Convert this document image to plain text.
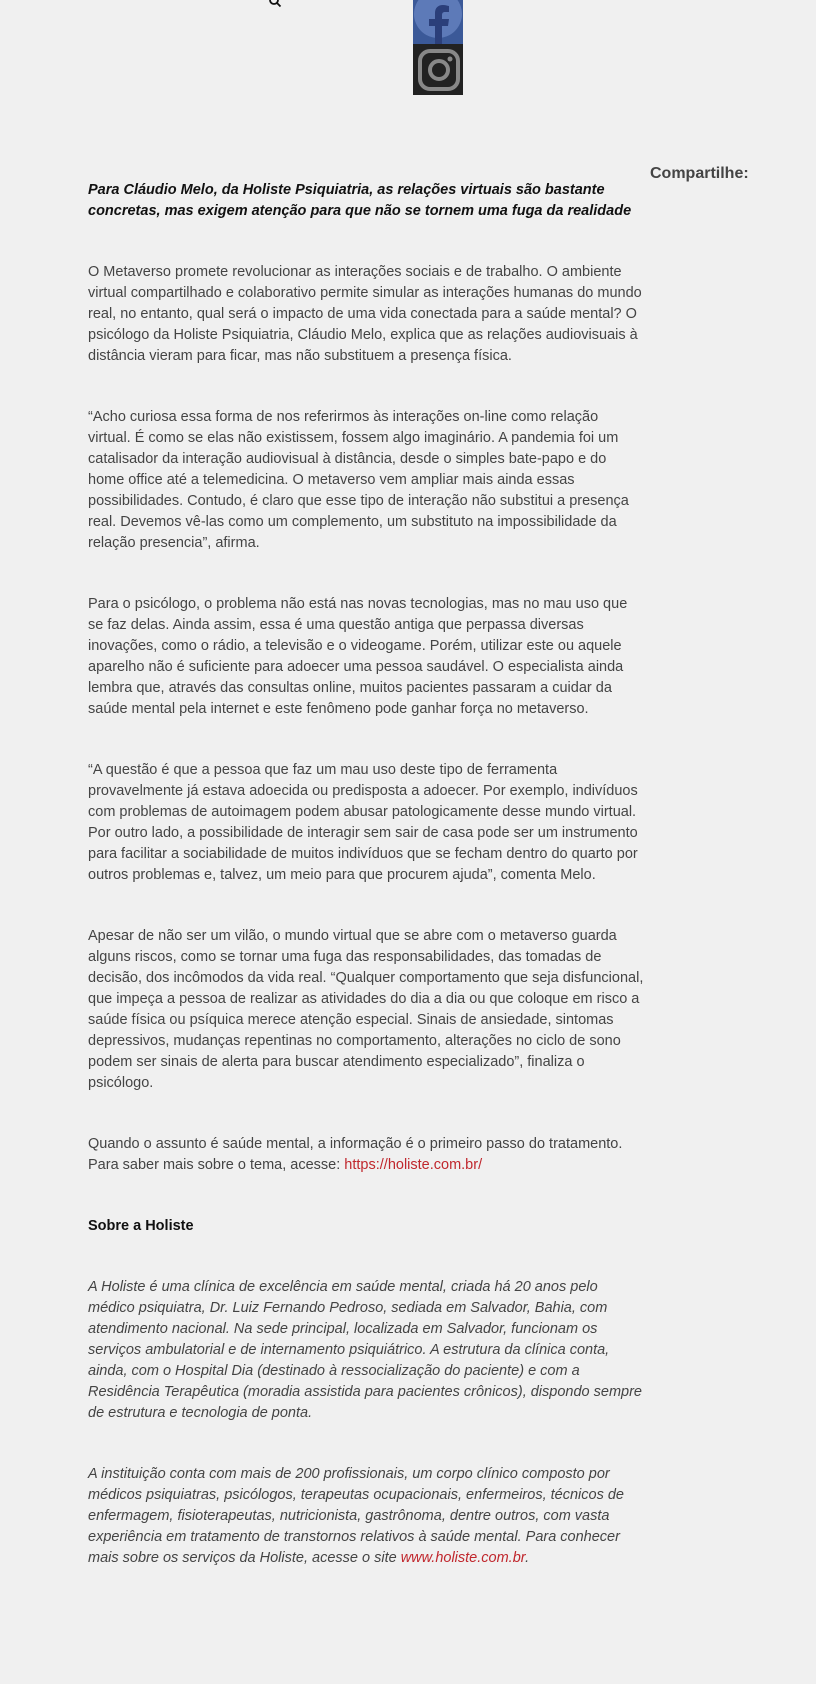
Compartilhe:

Para Cláudio Melo, da Holiste Psiquiatria, as relações virtuais são bastante concretas, mas exigem atenção para que não se tornem uma fuga da realidade

O Metaverso promete revolucionar as interações sociais e de trabalho. O ambiente virtual compartilhado e colaborativo permite simular as interações humanas do mundo real, no entanto, qual será o impacto de uma vida conectada para a saúde mental? O psicólogo da Holiste Psiquiatria, Cláudio Melo, explica que as relações audiovisuais à distância vieram para ficar, mas não substituem a presença física.

“Acho curiosa essa forma de nos referirmos às interações on-line como relação virtual. É como se elas não existissem, fossem algo imaginário. A pandemia foi um catalisador da interação audiovisual à distância, desde o simples bate-papo e do home office até a telemedicina. O metaverso vem ampliar mais ainda essas possibilidades. Contudo, é claro que esse tipo de interação não substitui a presença real. Devemos vê-las como um complemento, um substituto na impossibilidade da relação presencia”, afirma.

Para o psicólogo, o problema não está nas novas tecnologias, mas no mau uso que se faz delas. Ainda assim, essa é uma questão antiga que perpassa diversas inovações, como o rádio, a televisão e o videogame. Porém, utilizar este ou aquele aparelho não é suficiente para adoecer uma pessoa saudável. O especialista ainda lembra que, através das consultas online, muitos pacientes passaram a cuidar da saúde mental pela internet e este fenômeno pode ganhar força no metaverso.

“A questão é que a pessoa que faz um mau uso deste tipo de ferramenta provavelmente já estava adoecida ou predisposta a adoecer. Por exemplo, indivíduos com problemas de autoimagem podem abusar patologicamente desse mundo virtual. Por outro lado, a possibilidade de interagir sem sair de casa pode ser um instrumento para facilitar a sociabilidade de muitos indivíduos que se fecham dentro do quarto por outros problemas e, talvez, um meio para que procurem ajuda”, comenta Melo.

Apesar de não ser um vilão, o mundo virtual que se abre com o metaverso guarda alguns riscos, como se tornar uma fuga das responsabilidades, das tomadas de decisão, dos incômodos da vida real. “Qualquer comportamento que seja disfuncional, que impeça a pessoa de realizar as atividades do dia a dia ou que coloque em risco a saúde física ou psíquica merece atenção especial. Sinais de ansiedade, sintomas depressivos, mudanças repentinas no comportamento, alterações no ciclo de sono podem ser sinais de alerta para buscar atendimento especializado”, finaliza o psicólogo.

Quando o assunto é saúde mental, a informação é o primeiro passo do tratamento. Para saber mais sobre o tema, acesse: https://holiste.com.br/

Sobre a Holiste

A Holiste é uma clínica de excelência em saúde mental, criada há 20 anos pelo médico psiquiatra, Dr. Luiz Fernando Pedroso, sediada em Salvador, Bahia, com atendimento nacional. Na sede principal, localizada em Salvador, funcionam os serviços ambulatorial e de internamento psiquiátrico. A estrutura da clínica conta, ainda, com o Hospital Dia (destinado à ressocialização do paciente) e com a Residência Terapêutica (moradia assistida para pacientes crônicos), dispondo sempre de estrutura e tecnologia de ponta.

A instituição conta com mais de 200 profissionais, um corpo clínico composto por médicos psiquiatras, psicólogos, terapeutas ocupacionais, enfermeiros, técnicos de enfermagem, fisioterapeutas, nutricionista, gastrônoma, dentre outros, com vasta experiência em tratamento de transtornos relativos à saúde mental. Para conhecer mais sobre os serviços da Holiste, acesse o site www.holiste.com.br.
